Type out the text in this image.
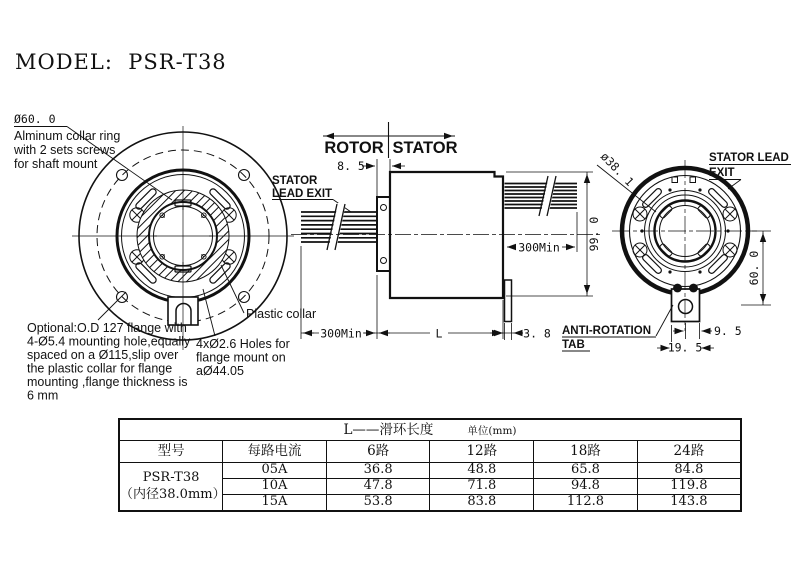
MODEL:  PSR-T38
Ø60. 0
Alminum collar ring
with 2 sets screws
for shaft mount
Optional:O.D 127 flange with
4-Ø5.4 mounting hole,equally
spaced on a Ø115,slip over
the plastic collar for flange
mounting ,flange thickness is
6 mm
4xØ2.6 Holes for
flange mount on
aØ44.05
Plastic collar
ROTOR STATOR
8. 5
STATOR
LEAD EXIT
300Min 99. 0
300Min	L	3. 8
ø38. 1	STATOR LEAD
EXIT
60. 0
9. 5
19. 5
ANTI-ROTATION
TAB
L——滑环长度 单位(mm)					
型号	每路电流	6路	12路	18路	24路

PSR-T38
（内径38.0mm）	05A	36.8	48.8	65.8	84.8
	10A	47.8	71.8	94.8	119.8
	15A	53.8	83.8	112.8	143.8
